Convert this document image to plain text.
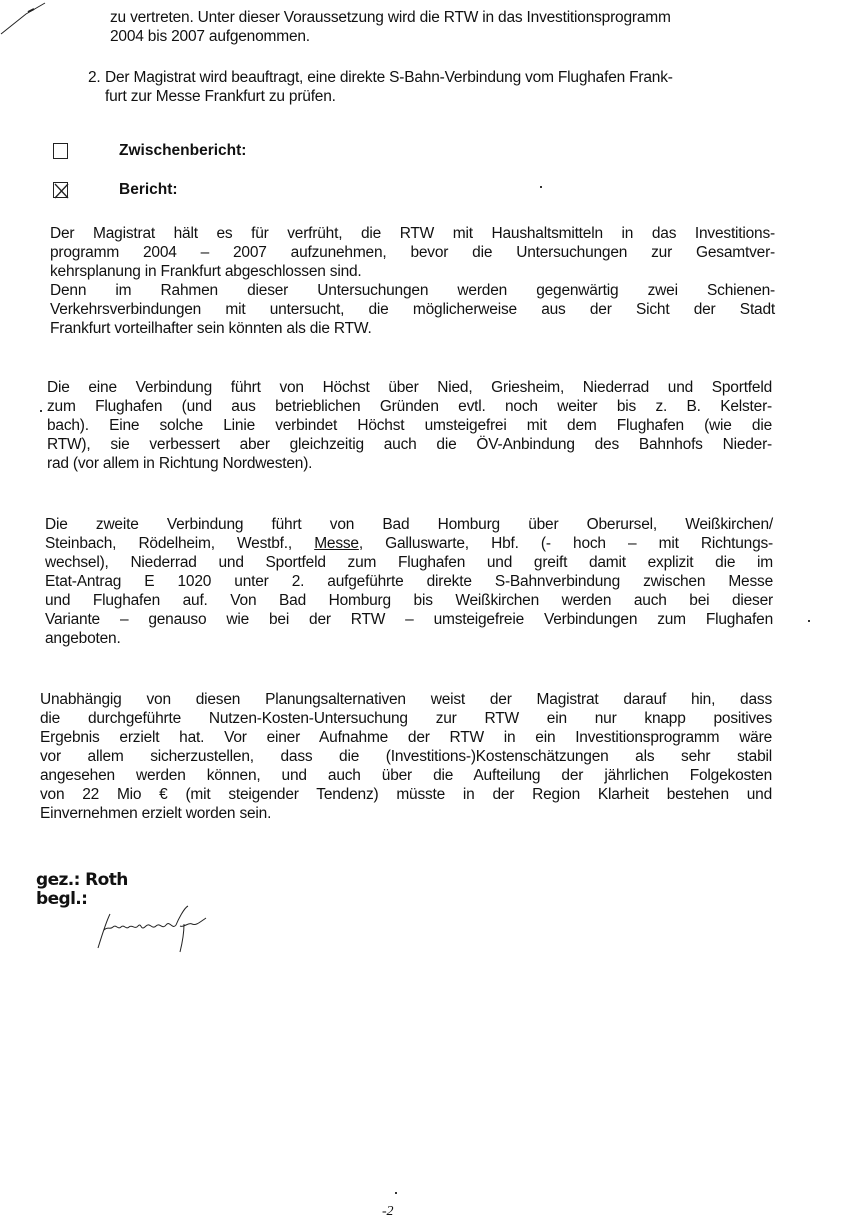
zu vertreten. Unter dieser Voraussetzung wird die RTW in das Investitionsprogramm
2004 bis 2007 aufgenommen.
2. Der Magistrat wird beauftragt, eine direkte S-Bahn-Verbindung vom Flughafen Frank-
furt zur Messe Frankfurt zu prüfen.
Zwischenbericht:
Bericht:
Der Magistrat hält es für verfrüht, die RTW mit Haushaltsmitteln in das Investitions-
programm 2004 – 2007 aufzunehmen, bevor die Untersuchungen zur Gesamtver-
kehrsplanung in Frankfurt abgeschlossen sind.
Denn im Rahmen dieser Untersuchungen werden gegenwärtig zwei Schienen-
Verkehrsverbindungen mit untersucht, die möglicherweise aus der Sicht der Stadt
Frankfurt vorteilhafter sein könnten als die RTW.
Die eine Verbindung führt von Höchst über Nied, Griesheim, Niederrad und Sportfeld
zum Flughafen (und aus betrieblichen Gründen evtl. noch weiter bis z. B. Kelster-
bach). Eine solche Linie verbindet Höchst umsteigefrei mit dem Flughafen (wie die
RTW), sie verbessert aber gleichzeitig auch die ÖV-Anbindung des Bahnhofs Nieder-
rad (vor allem in Richtung Nordwesten).
Die zweite Verbindung führt von Bad Homburg über Oberursel, Weißkirchen/
Steinbach, Rödelheim, Westbf., Messe, Galluswarte, Hbf. (- hoch – mit Richtungs-
wechsel), Niederrad und Sportfeld zum Flughafen und greift damit explizit die im
Etat-Antrag E 1020 unter 2. aufgeführte direkte S-Bahnverbindung zwischen Messe
und Flughafen auf. Von Bad Homburg bis Weißkirchen werden auch bei dieser
Variante – genauso wie bei der RTW – umsteigefreie Verbindungen zum Flughafen
angeboten.
Unabhängig von diesen Planungsalternativen weist der Magistrat darauf hin, dass
die durchgeführte Nutzen-Kosten-Untersuchung zur RTW ein nur knapp positives
Ergebnis erzielt hat. Vor einer Aufnahme der RTW in ein Investitionsprogramm wäre
vor allem sicherzustellen, dass die (Investitions-)Kostenschätzungen als sehr stabil
angesehen werden können, und auch über die Aufteilung der jährlichen Folgekosten
von 22 Mio € (mit steigender Tendenz) müsste in der Region Klarheit bestehen und
Einvernehmen erzielt worden sein.
gez.: Roth
begl.:
-2
